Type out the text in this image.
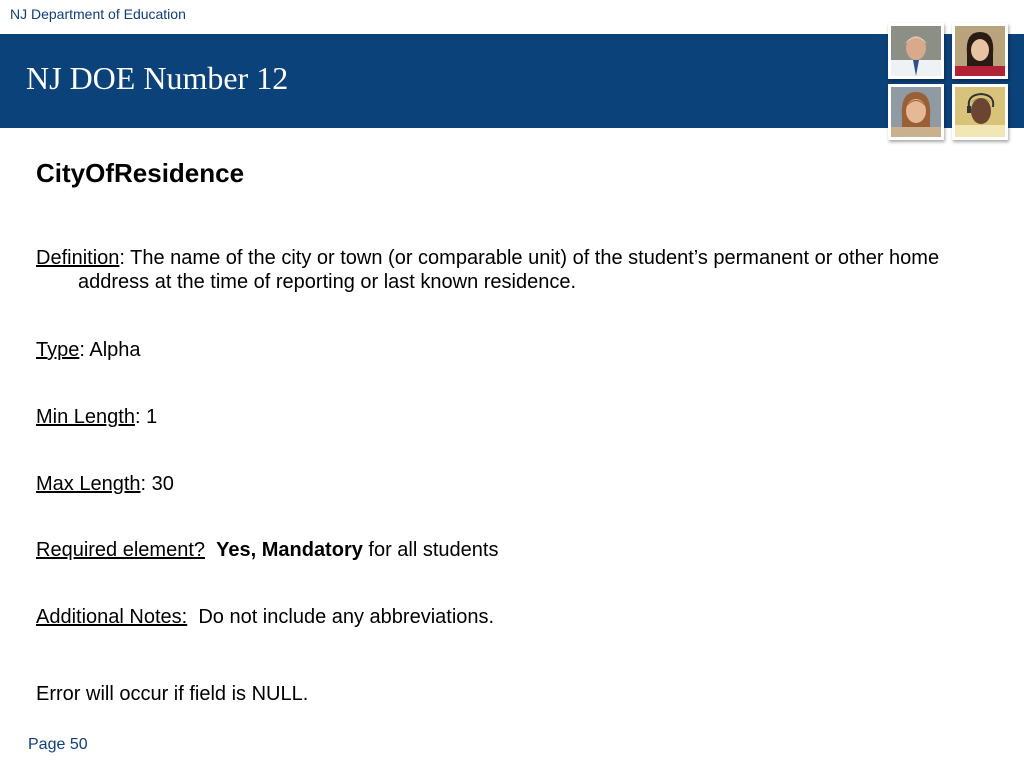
NJ Department of Education
NJ DOE Number 12
CityOfResidence

Definition: The name of the city or town (or comparable unit) of the student’s permanent or other home address at the time of reporting or last known residence.

Type: Alpha

Min Length: 1

Max Length: 30

Required element? Yes, Mandatory for all students

Additional Notes: Do not include any abbreviations.

Error will occur if field is NULL.

Page 50
